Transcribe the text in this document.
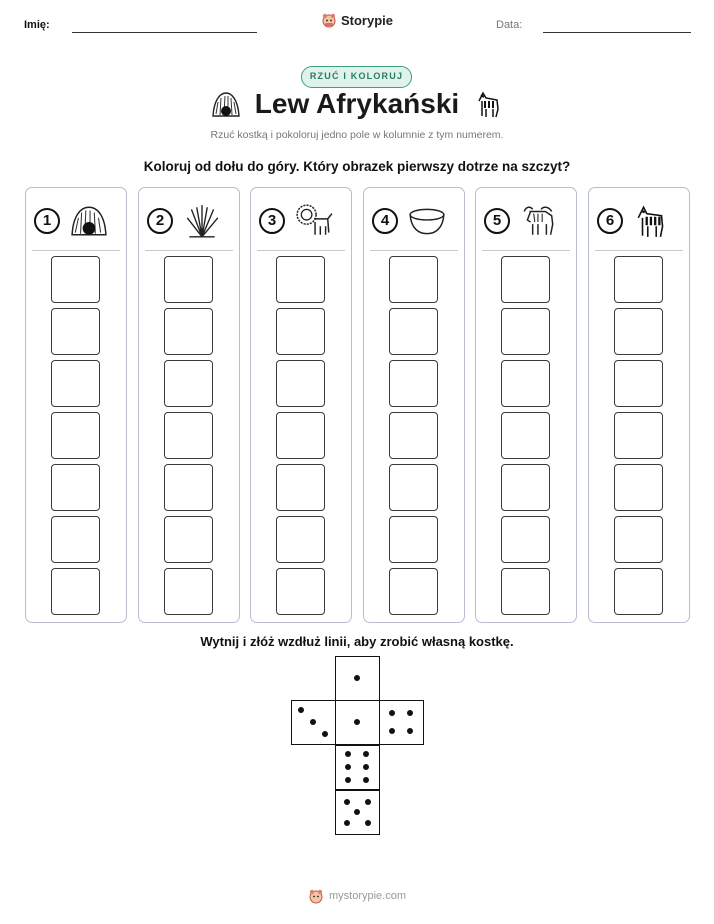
Imię:	Storypie	Data:
RZUĆ I KOLORUJ
Lew Afrykański
Rzuć kostką i pokoloruj jedno pole w kolumnie z tym numerem.
Koloruj od dołu do góry. Który obrazek pierwszy dotrze na szczyt?
1	2	3	4	5	6
Wytnij i złóż wzdłuż linii, aby zrobić własną kostkę.
mystorypie.com
